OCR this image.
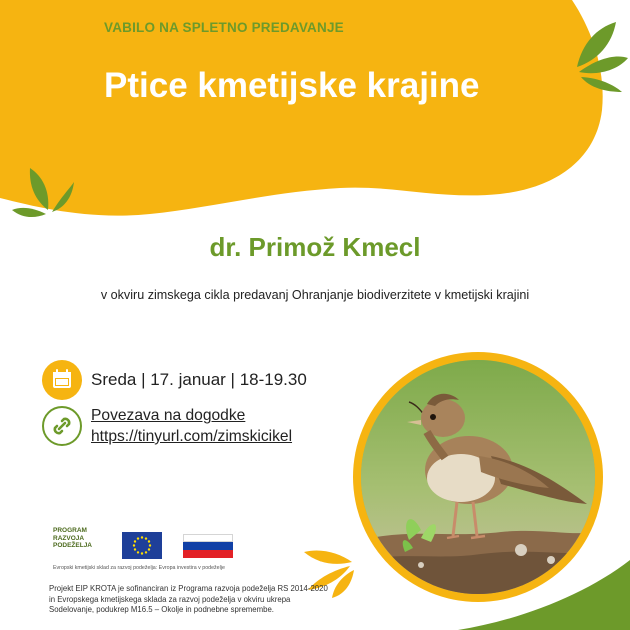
VABILO NA SPLETNO PREDAVANJE
Ptice kmetijske krajine
dr. Primož Kmecl
v okviru zimskega cikla predavanj Ohranjanje biodiverzitete v kmetijski krajini
Sreda | 17. januar | 18-19.30
Povezava na dogodke
https://tinyurl.com/zimskicikel
PROGRAM
RAZVOJA
PODEŽELJA
Evropski kmetijski sklad za razvoj podeželja: Evropa investira v podeželje
Projekt EIP KROTA je sofinanciran iz Programa razvoja podeželja RS 2014-2020 in Evropskega kmetijskega sklada za razvoj podeželja v okviru ukrepa Sodelovanje, podukrep M16.5 – Okolje in podnebne spremembe.
